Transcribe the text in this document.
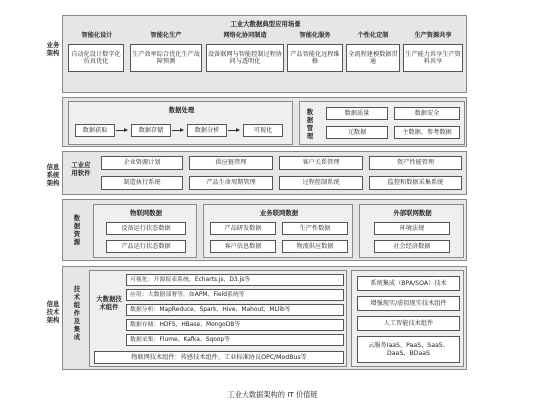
业务架构
信息系统架构
信息技术架构
工业大数据典型应用场景
智能化设计	智能化生产	网络化协同制造	智能化服务	个性化定制	生产资源共享
自动化设计数字化仿真优化
生产效率综合优化生产故障预测
设备联网与智能控制过程协同与透明化
产品智能化远程维修
全流程建模数据贯通
生产能力共享生产资料共享
数据处理
数据获取	数据存储	数据分析	可视化
数据管理
数据质量	数据安全
元数据	主数据、参考数据
工业应用软件
企业资源计划	供应链管理	客户关系管理	资产性能管理
制造执行系统	产品生命周期管理	过程控制系统	监控和数据采集系统
数据资源
物联网数据
设备运行状态数据
产品运行状态数据
业务联网数据
产品研发数据	生产性数据
客户信息数据	物流供应数据
外部联网数据
环境法规
社会经济数据
技术组件及集成
大数据技术组件
可视化：开源报表系统、Echarts.js、D3.js等
应用：大数据部署等，如APM、Field系统等
数据分析：MapReduce、Spark、Hive、Mahout、MLlib等
数据存储：HDFS、HBase、MongoDB等
数据采集：Flume、Kafka、Sqoop等
物联网技术组件：传感技术组件、工业标准协议OPC/ModBus等
系统集成（BPA/SOA）技术
增强现实/虚拟现实技术组件
人工智能技术组件
云服务IaaS、PaaS、SaaS、DaaS、BDaaS
工业大数据架构的 IT 价值链
